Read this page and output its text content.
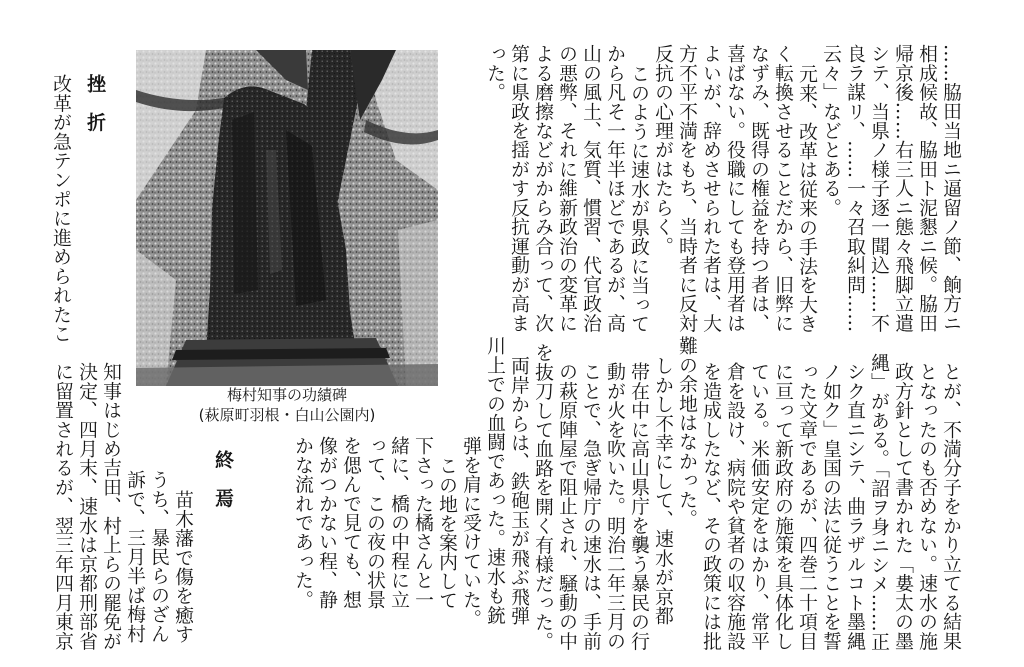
梅村知事の功績碑
(萩原町羽根・白山公園内)	とが、不満分子をかり立てる結果
となったのも否めない。速水の施
政方針として書かれた「婁太の墨
縄」がある。「詔ヲ身ニシメ……正
シク直ニシテ、曲ラザルコト墨縄
ノ如ク」皇国の法に従うことを誓
った文章であるが、四巻二十項目
に亘って新政府の施策を具体化し
ている。米価安定をはかり、常平
倉を設け、病院や貧者の収容施設
を造成したなど、その政策には批
難の余地はなかった。
しかし不幸にして、速水が京都
帯在中に高山県庁を襲う暴民の行
動が火を吹いた。明治二年三月の
ことで、急ぎ帰庁の速水は、手前
の萩原陣屋で阻止され、騒動の中
を抜刀して血路を開く有様だった。
両岸からは、鉄砲玉が飛ぶ飛弾
川上での血闘であった。速水も銃
弾を肩に受けていた。
この地を案内して
下さった橘さんと一
緒に、橋の中程に立
って、この夜の状景
を偲んで見ても、想
像がつかない程、静
かな流れであった。
終　焉
苗木藩で傷を癒す
うち、暴民らのざん
訴で、三月半ば梅村
知事はじめ吉田、村上らの罷免が
決定、四月末、速水は京都刑部省
に留置されるが、翌三年四月東京
……脇田当地ニ逼留ノ節、餉方ニ
相成候故、脇田ト泥懇ニ候。脇田
帰京後……右三人ニ態々飛脚立遣
シテ、当県ノ様子逐一聞込……不
良ラ謀リ、……一々召取糾問……
云々」などとある。
元来、改革は従来の手法を大き
く転換させることだから、旧弊に
なずみ、既得の権益を持つ者は、
喜ばない。役職にしても登用者は
よいが、辞めさせられた者は、大
方不平不満をもち、当時者に反対
反抗の心理がはたらく。
このように速水が県政に当って
から凡そ一年半ほどであるが、高
山の風土、気質、慣習、代官政治
の悪弊、それに維新政治の変革に
よる磨擦などがからみ合って、次
第に県政を揺がす反抗運動が高ま
った。
挫　折
改革が急テンポに進められたこ
